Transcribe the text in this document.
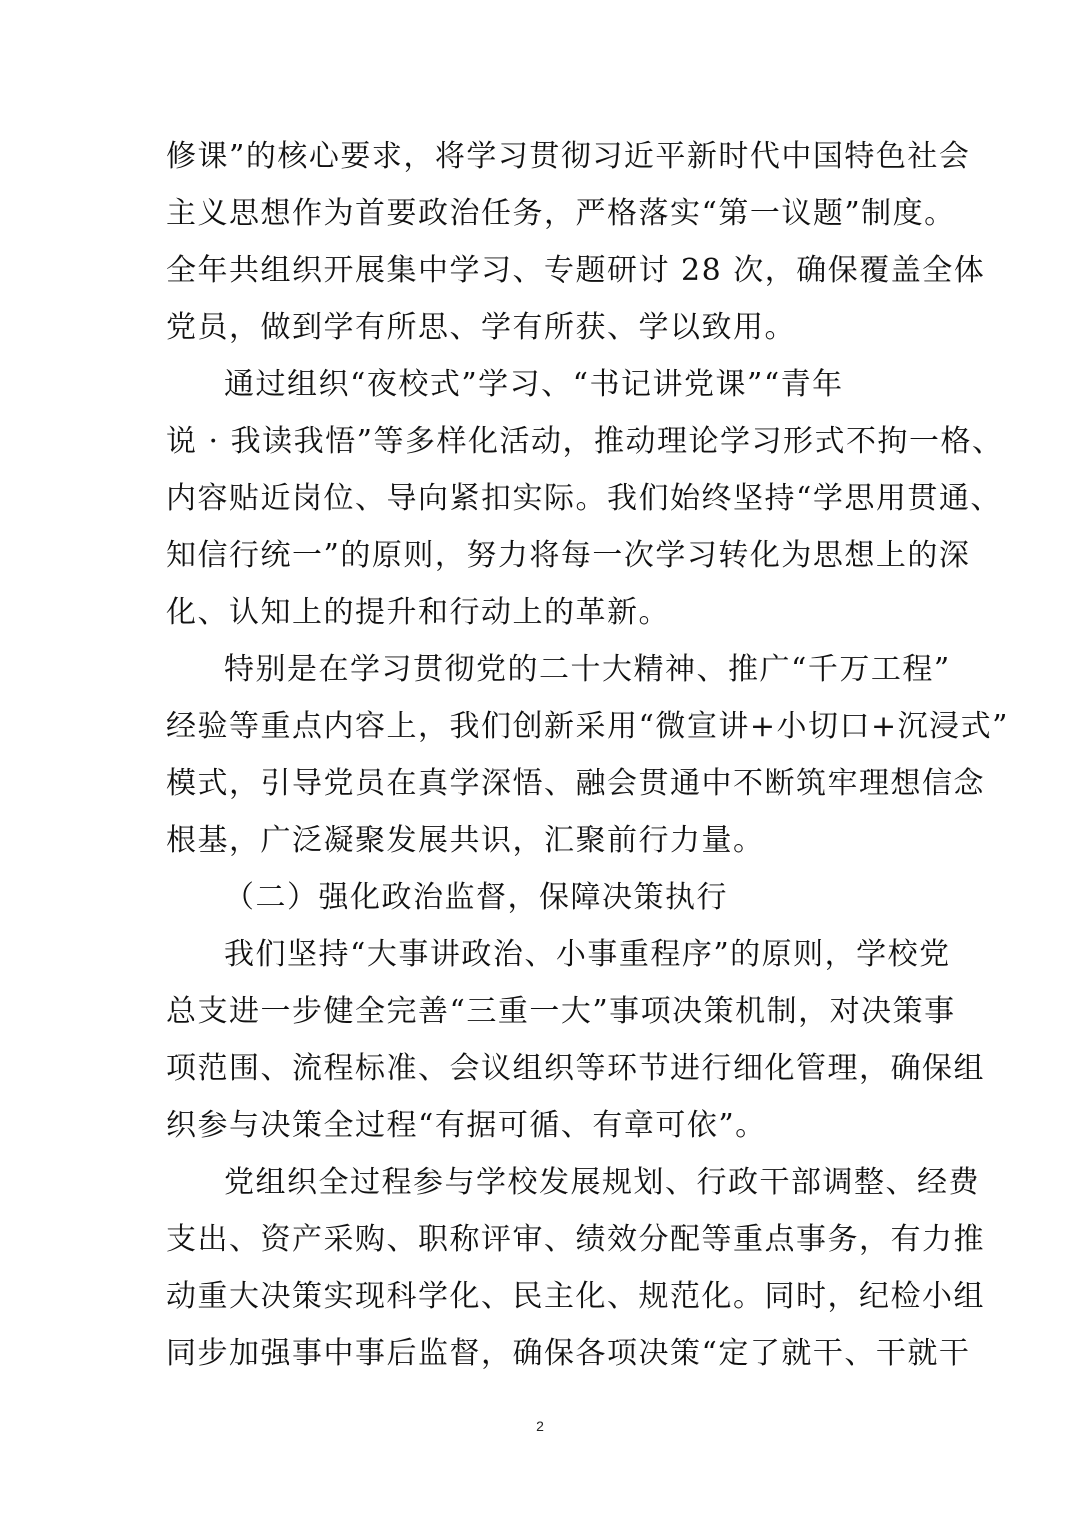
修课”的核心要求，将学习贯彻习近平新时代中国特色社会
主义思想作为首要政治任务，严格落实“第一议题”制度。
全年共组织开展集中学习、专题研讨 28 次，确保覆盖全体
党员，做到学有所思、学有所获、学以致用。
通过组织“夜校式”学习、“书记讲党课”“青年
说 · 我读我悟”等多样化活动，推动理论学习形式不拘一格、
内容贴近岗位、导向紧扣实际。我们始终坚持“学思用贯通、
知信行统一”的原则，努力将每一次学习转化为思想上的深
化、认知上的提升和行动上的革新。
特别是在学习贯彻党的二十大精神、推广“千万工程”
经验等重点内容上，我们创新采用“微宣讲+小切口+沉浸式”
模式，引导党员在真学深悟、融会贯通中不断筑牢理想信念
根基，广泛凝聚发展共识，汇聚前行力量。
（二）强化政治监督，保障决策执行
我们坚持“大事讲政治、小事重程序”的原则，学校党
总支进一步健全完善“三重一大”事项决策机制，对决策事
项范围、流程标准、会议组织等环节进行细化管理，确保组
织参与决策全过程“有据可循、有章可依”。
党组织全过程参与学校发展规划、行政干部调整、经费
支出、资产采购、职称评审、绩效分配等重点事务，有力推
动重大决策实现科学化、民主化、规范化。同时，纪检小组
同步加强事中事后监督，确保各项决策“定了就干、干就干
2
